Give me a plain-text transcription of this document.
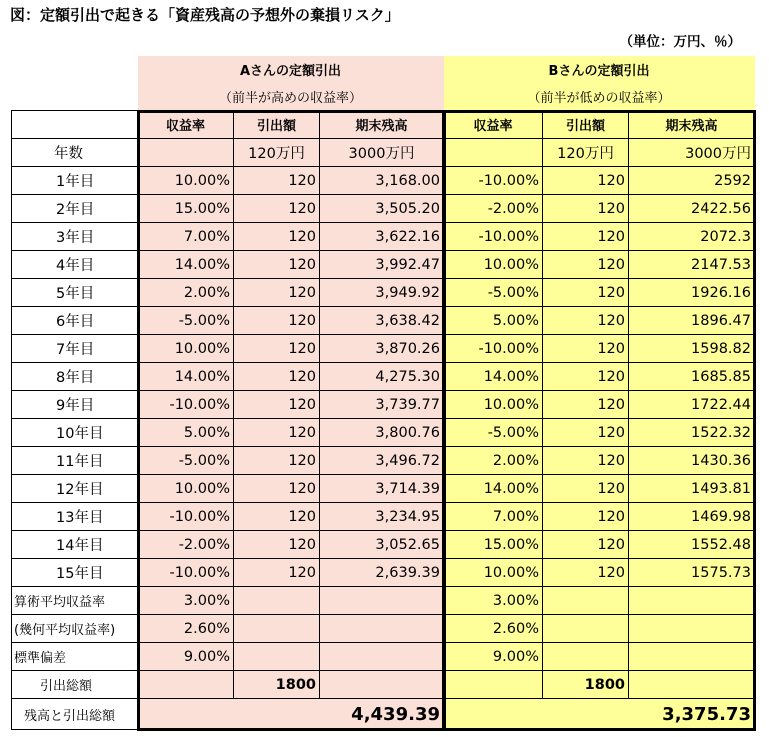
図：定額引出で起きる「資産残高の予想外の棄損リスク」
（単位：万円、％）
	Aさんの定額引出			Bさんの定額引出		
	（前半が高めの収益率）			（前半が低めの収益率）		
	収益率	引出額	期末残高	収益率	引出額	期末残高
年数		120万円	3000万円		120万円	3000万円
1年目	10.00%	120	3,168.00	-10.00%	120	2592
2年目	15.00%	120	3,505.20	-2.00%	120	2422.56
3年目	7.00%	120	3,622.16	-10.00%	120	2072.3
4年目	14.00%	120	3,992.47	10.00%	120	2147.53
5年目	2.00%	120	3,949.92	-5.00%	120	1926.16
6年目	-5.00%	120	3,638.42	5.00%	120	1896.47
7年目	10.00%	120	3,870.26	-10.00%	120	1598.82
8年目	14.00%	120	4,275.30	14.00%	120	1685.85
9年目	-10.00%	120	3,739.77	10.00%	120	1722.44
10年目	5.00%	120	3,800.76	-5.00%	120	1522.32
11年目	-5.00%	120	3,496.72	2.00%	120	1430.36
12年目	10.00%	120	3,714.39	14.00%	120	1493.81
13年目	-10.00%	120	3,234.95	7.00%	120	1469.98
14年目	-2.00%	120	3,052.65	15.00%	120	1552.48
15年目	-10.00%	120	2,639.39	10.00%	120	1575.73
算術平均収益率	3.00%			3.00%		
(幾何平均収益率)	2.60%			2.60%		
標準偏差	9.00%			9.00%		
引出総額		1800			1800	
残高と引出総額	4,439.39			3,375.73		
